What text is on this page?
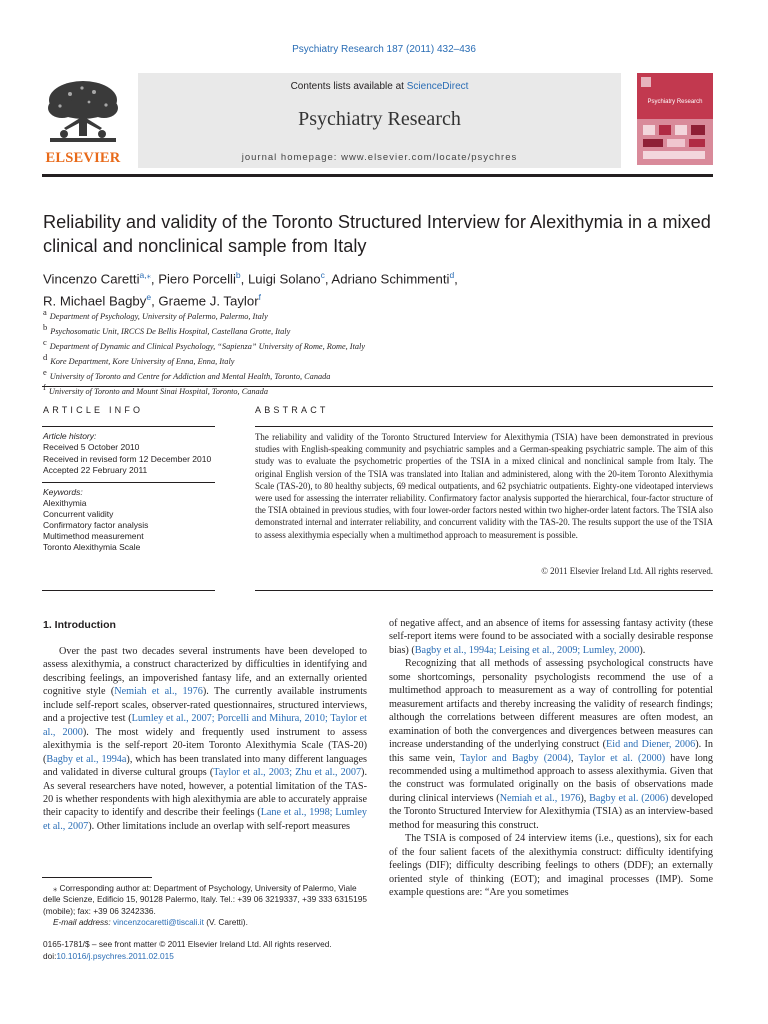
Psychiatry Research 187 (2011) 432–436
Contents lists available at ScienceDirect
Psychiatry Research
journal homepage: www.elsevier.com/locate/psychres
ELSEVIER
Psychiatry Research
Reliability and validity of the Toronto Structured Interview for Alexithymia in a mixed clinical and nonclinical sample from Italy
Vincenzo Caretti$^{a,⁎}$, Piero Porcelli$^b$, Luigi Solano$^c$, Adriano Schimmenti$^d$,
R. Michael Bagby$^e$, Graeme J. Taylor$^f$
$^a$ Department of Psychology, University of Palermo, Palermo, Italy
$^b$ Psychosomatic Unit, IRCCS De Bellis Hospital, Castellana Grotte, Italy
$^c$ Department of Dynamic and Clinical Psychology, “Sapienza” University of Rome, Rome, Italy
$^d$ Kore Department, Kore University of Enna, Enna, Italy
$^e$ University of Toronto and Centre for Addiction and Mental Health, Toronto, Canada
University of Toronto and Mount Sinai Hospital, Toronto, Canada
ARTICLE INFO	ABSTRACT
Article history:
Received 5 October 2010
Received in revised form 12 December 2010
Accepted 22 February 2011
Keywords:
Alexithymia
Concurrent validity
Confirmatory factor analysis
Multimethod measurement
Toronto Alexithymia Scale
The reliability and validity of the Toronto Structured Interview for Alexithymia (TSIA) have been demonstrated in previous studies with English-speaking community and psychiatric samples and a German-speaking psychiatric sample. The aim of this study was to evaluate the psychometric properties of the TSIA in a mixed clinical and nonclinical sample from Italy. The original English version of the TSIA was translated into Italian and administered, along with the 20-item Toronto Alexithymia Scale (TAS-20), to 80 healthy subjects, 69 medical outpatients, and 62 psychiatric outpatients. Eighty-one videotaped interviews were used for assessing the interrater reliability. Confirmatory factor analysis supported the hierarchical, four-factor structure of the TSIA obtained in previous studies, with four lower-order factors nested within two higher-order latent factors. The TSIA also demonstrated internal and interrater reliability, and concurrent validity with the TAS-20. The results support the use of the TSIA to assess alexithymia especially when a multimethod approach to measurement is possible.
© 2011 Elsevier Ireland Ltd. All rights reserved.
1. Introduction

Over the past two decades several instruments have been developed to assess alexithymia, a construct characterized by difficulties in identifying and describing feelings, an impoverished fantasy life, and an externally oriented cognitive style (Nemiah et al., 1976). The currently available instruments include self-report scales, observer-rated questionnaires, structured interviews, and a projective test (Lumley et al., 2007; Porcelli and Mihura, 2010; Taylor et al., 2000). The most widely and frequently used instrument to assess alexithymia is the self-report 20-item Toronto Alexithymia Scale (TAS-20) (Bagby et al., 1994a), which has been translated into many different languages and validated in diverse cultural groups (Taylor et al., 2003; Zhu et al., 2007). As several researchers have noted, however, a potential limitation of the TAS-20 is whether respondents with high alexithymia are able to accurately appraise their capacity to identify and describe their feelings (Lane et al., 1998; Lumley et al., 2007). Other limitations include an overlap with self-report measures

of negative affect, and an absence of items for assessing fantasy activity (these self-report items were found to be associated with a socially desirable response bias) (Bagby et al., 1994a; Leising et al., 2009; Lumley, 2000).

Recognizing that all methods of assessing psychological constructs have some shortcomings, personality psychologists recommend the use of a multimethod approach to measurement as a way of controlling for potential measurement artifacts and thereby increasing the validity of research findings; although the correlations between different measures are often modest, an examination of both the convergences and divergences between measures can increase understanding of the underlying construct (Eid and Diener, 2006). In this same vein, Taylor and Bagby (2004), Taylor et al. (2000) have long recommended using a multimethod approach to assess alexithymia. Given that the construct was formulated originally on the basis of observations made during clinical interviews (Nemiah et al., 1976), Bagby et al. (2006) developed the Toronto Structured Interview for Alexithymia (TSIA) as an interview-based method for measuring this construct.

The TSIA is composed of 24 interview items (i.e., questions), six for each of the four salient facets of the alexithymia construct: difficulty identifying feelings (DIF); difficulty describing feelings to others (DDF); an externally oriented style of thinking (EOT); and imaginal processes (IMP). Some example questions are: “Are you sometimes

⁎ Corresponding author at: Department of Psychology, University of Palermo, Viale delle Scienze, Edificio 15, 90128 Palermo, Italy. Tel.: +39 06 3219337, +39 333 6315195 (mobile); fax: +39 06 3242336.

E-mail address: vincenzocaretti@tiscali.it (V. Caretti).

0165-1781/$ – see front matter © 2011 Elsevier Ireland Ltd. All rights reserved.
doi:10.1016/j.psychres.2011.02.015
